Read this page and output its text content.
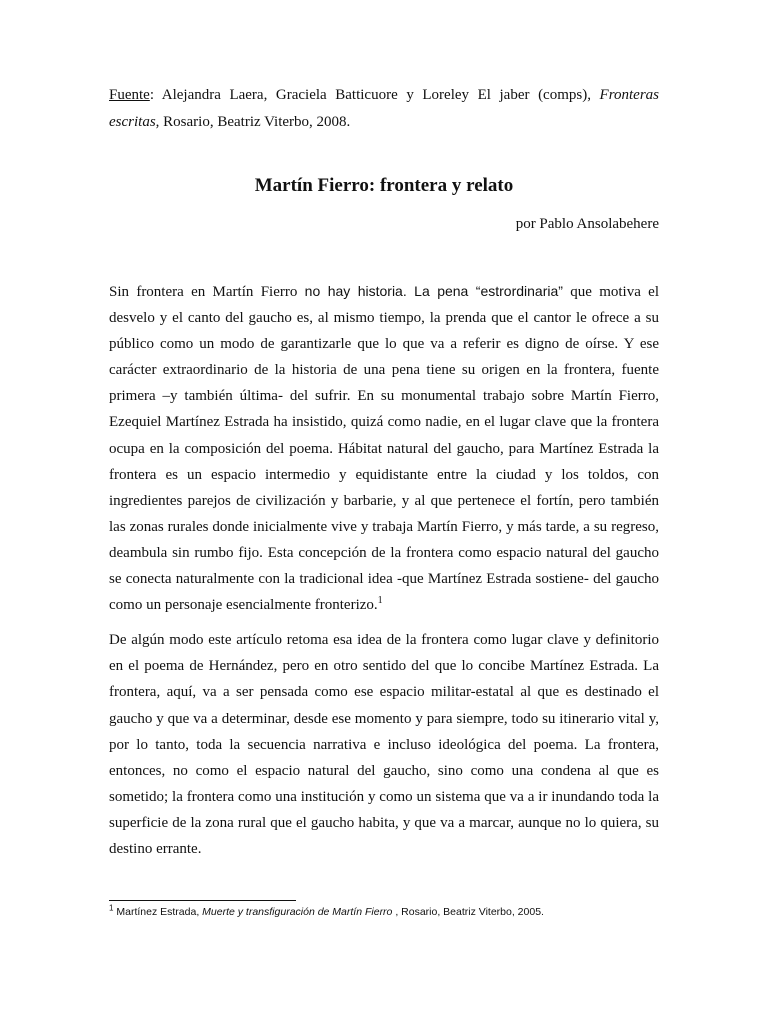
Fuente: Alejandra Laera, Graciela Batticuore y Loreley El jaber (comps), Fronteras escritas, Rosario, Beatriz Viterbo, 2008.

Martín Fierro: frontera y relato

por Pablo Ansolabehere

Sin frontera en Martín Fierro no hay historia. La pena “estrordinaria” que motiva el desvelo y el canto del gaucho es, al mismo tiempo, la prenda que el cantor le ofrece a su público como un modo de garantizarle que lo que va a referir es digno de oírse. Y ese carácter extraordinario de la historia de una pena tiene su origen en la frontera, fuente primera –y también última- del sufrir. En su monumental trabajo sobre Martín Fierro, Ezequiel Martínez Estrada ha insistido, quizá como nadie, en el lugar clave que la frontera ocupa en la composición del poema. Hábitat natural del gaucho, para Martínez Estrada la frontera es un espacio intermedio y equidistante entre la ciudad y los toldos, con ingredientes parejos de civilización y barbarie, y al que pertenece el fortín, pero también las zonas rurales donde inicialmente vive y trabaja Martín Fierro, y más tarde, a su regreso, deambula sin rumbo fijo. Esta concepción de la frontera como espacio natural del gaucho se conecta naturalmente con la tradicional idea -que Martínez Estrada sostiene- del gaucho como un personaje esencialmente fronterizo.$^1$

De algún modo este artículo retoma esa idea de la frontera como lugar clave y definitorio en el poema de Hernández, pero en otro sentido del que lo concibe Martínez Estrada. La frontera, aquí, va a ser pensada como ese espacio militar-estatal al que es destinado el gaucho y que va a determinar, desde ese momento y para siempre, todo su itinerario vital y, por lo tanto, toda la secuencia narrativa e incluso ideológica del poema. La frontera, entonces, no como el espacio natural del gaucho, sino como una condena al que es sometido; la frontera como una institución y como un sistema que va a ir inundando toda la superficie de la zona rural que el gaucho habita, y que va a marcar, aunque no lo quiera, su destino errante.

$^1$ Martínez Estrada, Muerte y transfiguración de Martín Fierro , Rosario, Beatriz Viterbo, 2005.
